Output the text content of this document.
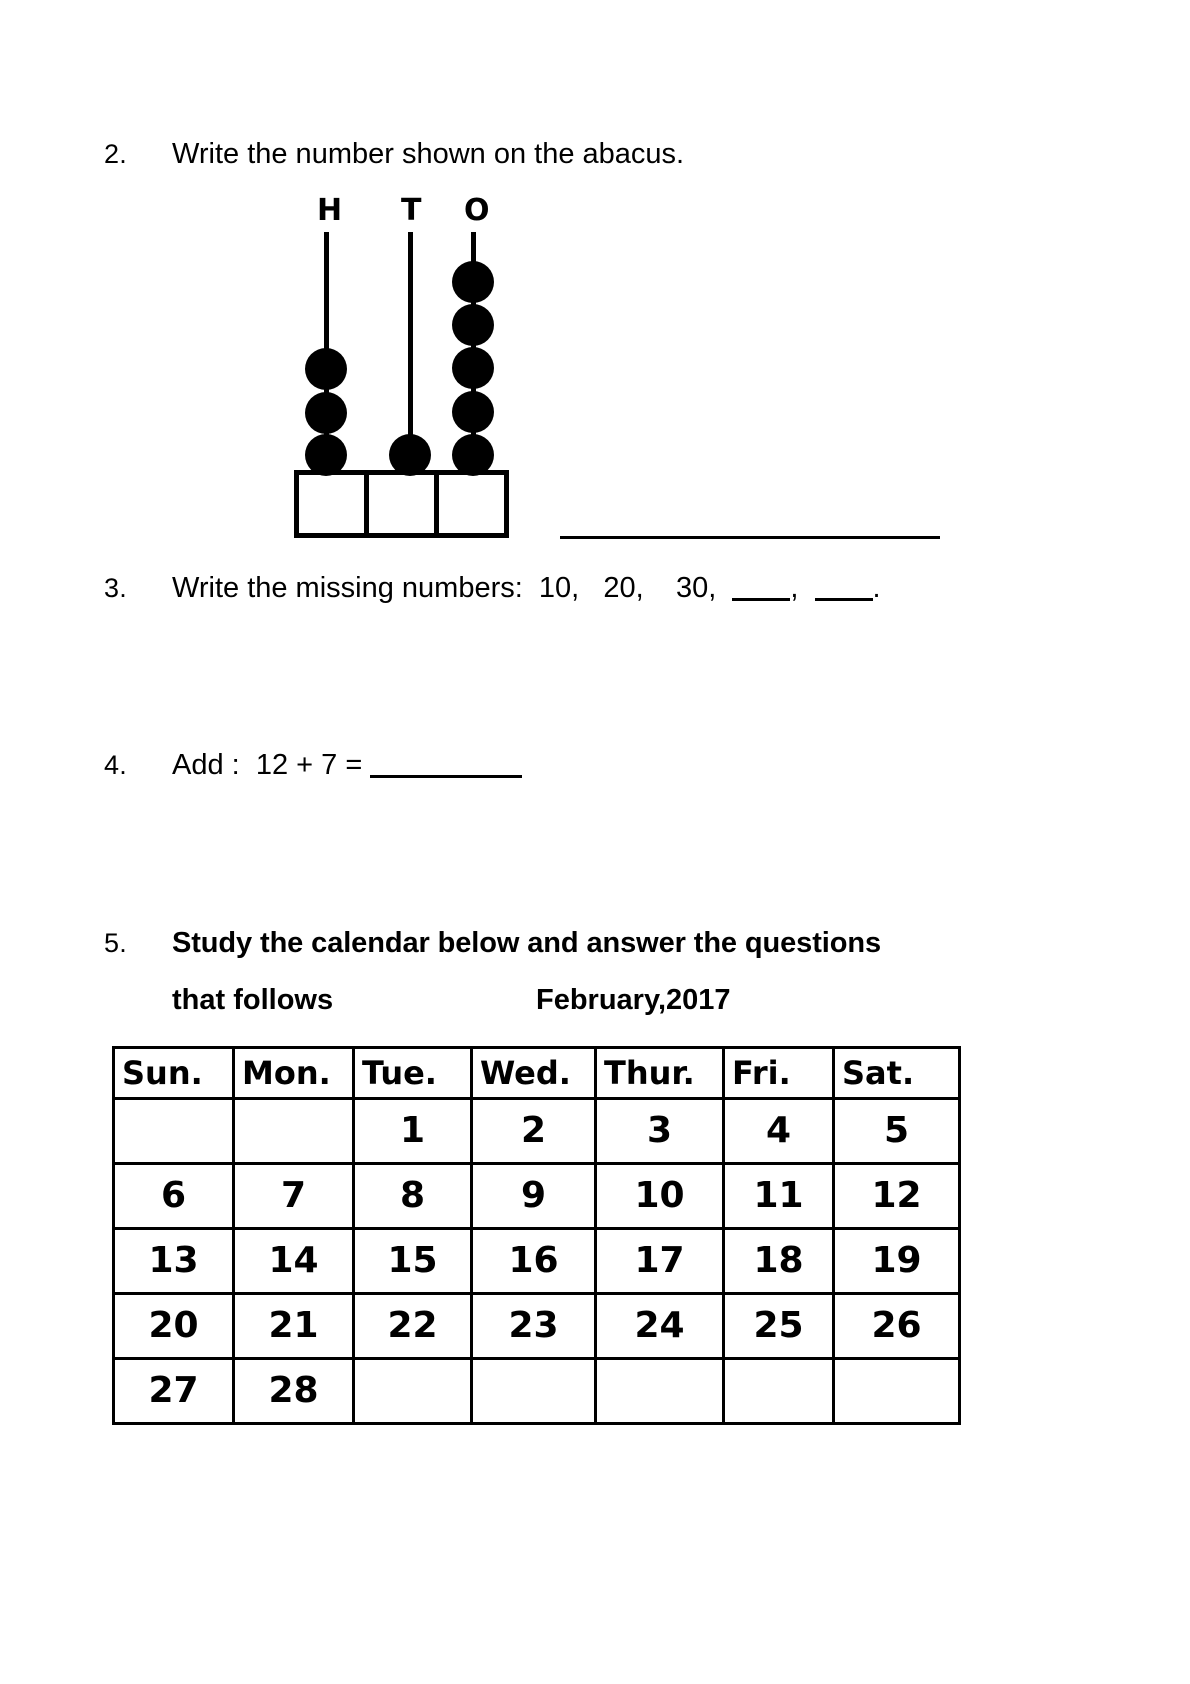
2.	Write the number shown on the abacus.
H T O
3.	Write the missing numbers:  10,   20,    30,  ,  .
4.	Add :  12 + 7 =
5.	Study the calendar below and answer the questions
that follows	February,2017
Sun.	Mon.	Tue.	Wed.	Thur.	Fri.	Sat.
		1	2	3	4	5
6	7	8	9	10	11	12
13	14	15	16	17	18	19
20	21	22	23	24	25	26
27	28					
